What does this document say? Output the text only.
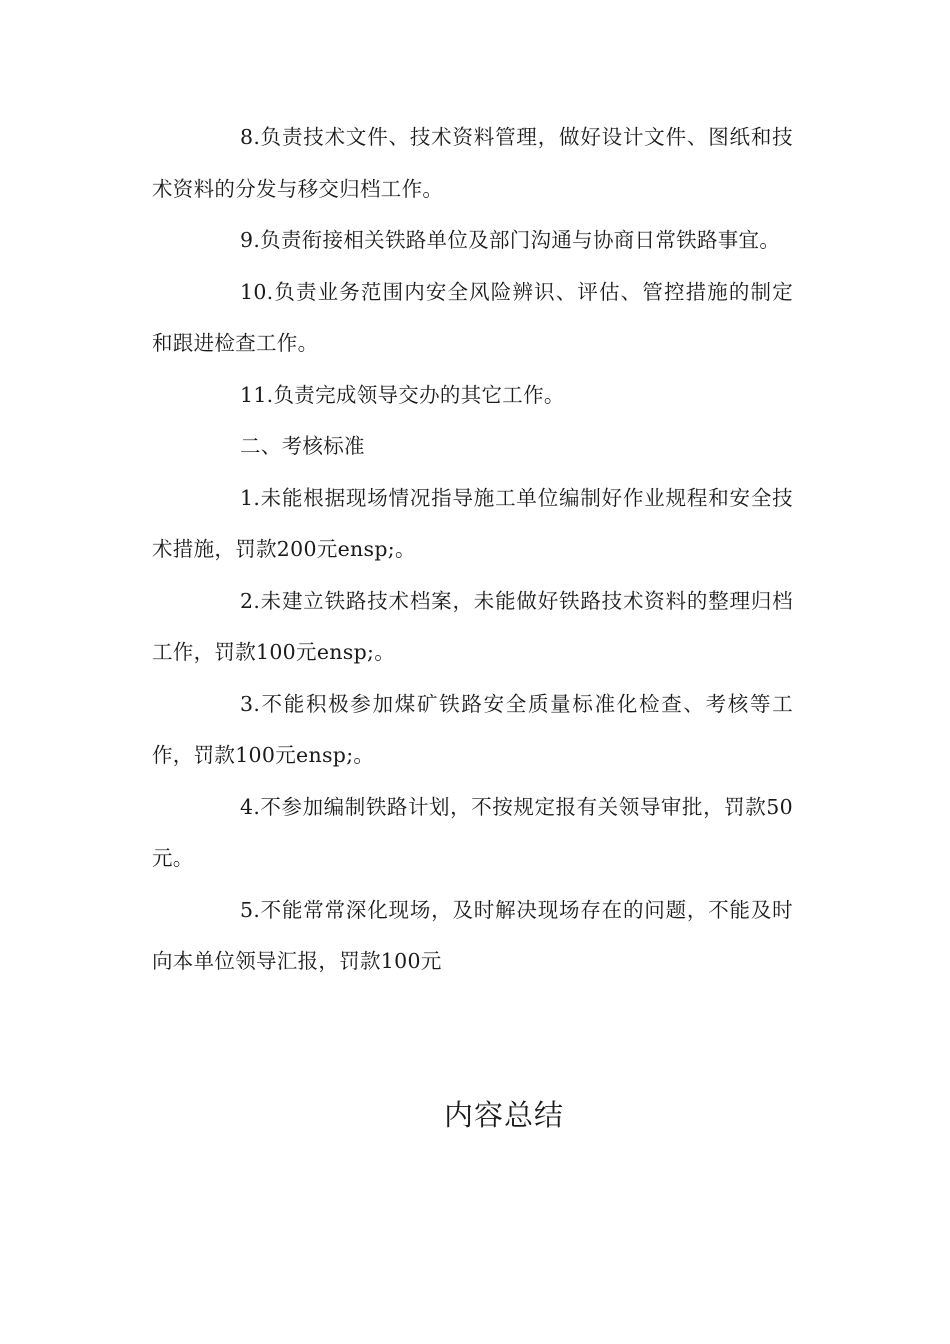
8.负责技术文件、技术资料管理，做好设计文件、图纸和技术资料的分发与移交归档工作。

9.负责衔接相关铁路单位及部门沟通与协商日常铁路事宜。

10.负责业务范围内安全风险辨识、评估、管控措施的制定和跟进检查工作。

11.负责完成领导交办的其它工作。

二、考核标准

1.未能根据现场情况指导施工单位编制好作业规程和安全技术措施，罚款200元ensp;。

2.未建立铁路技术档案，未能做好铁路技术资料的整理归档工作，罚款100元ensp;。

3.不能积极参加煤矿铁路安全质量标准化检查、考核等工作，罚款100元ensp;。

4.不参加编制铁路计划，不按规定报有关领导审批，罚款50元。

5.不能常常深化现场，及时解决现场存在的问题，不能及时向本单位领导汇报，罚款100元

内容总结
